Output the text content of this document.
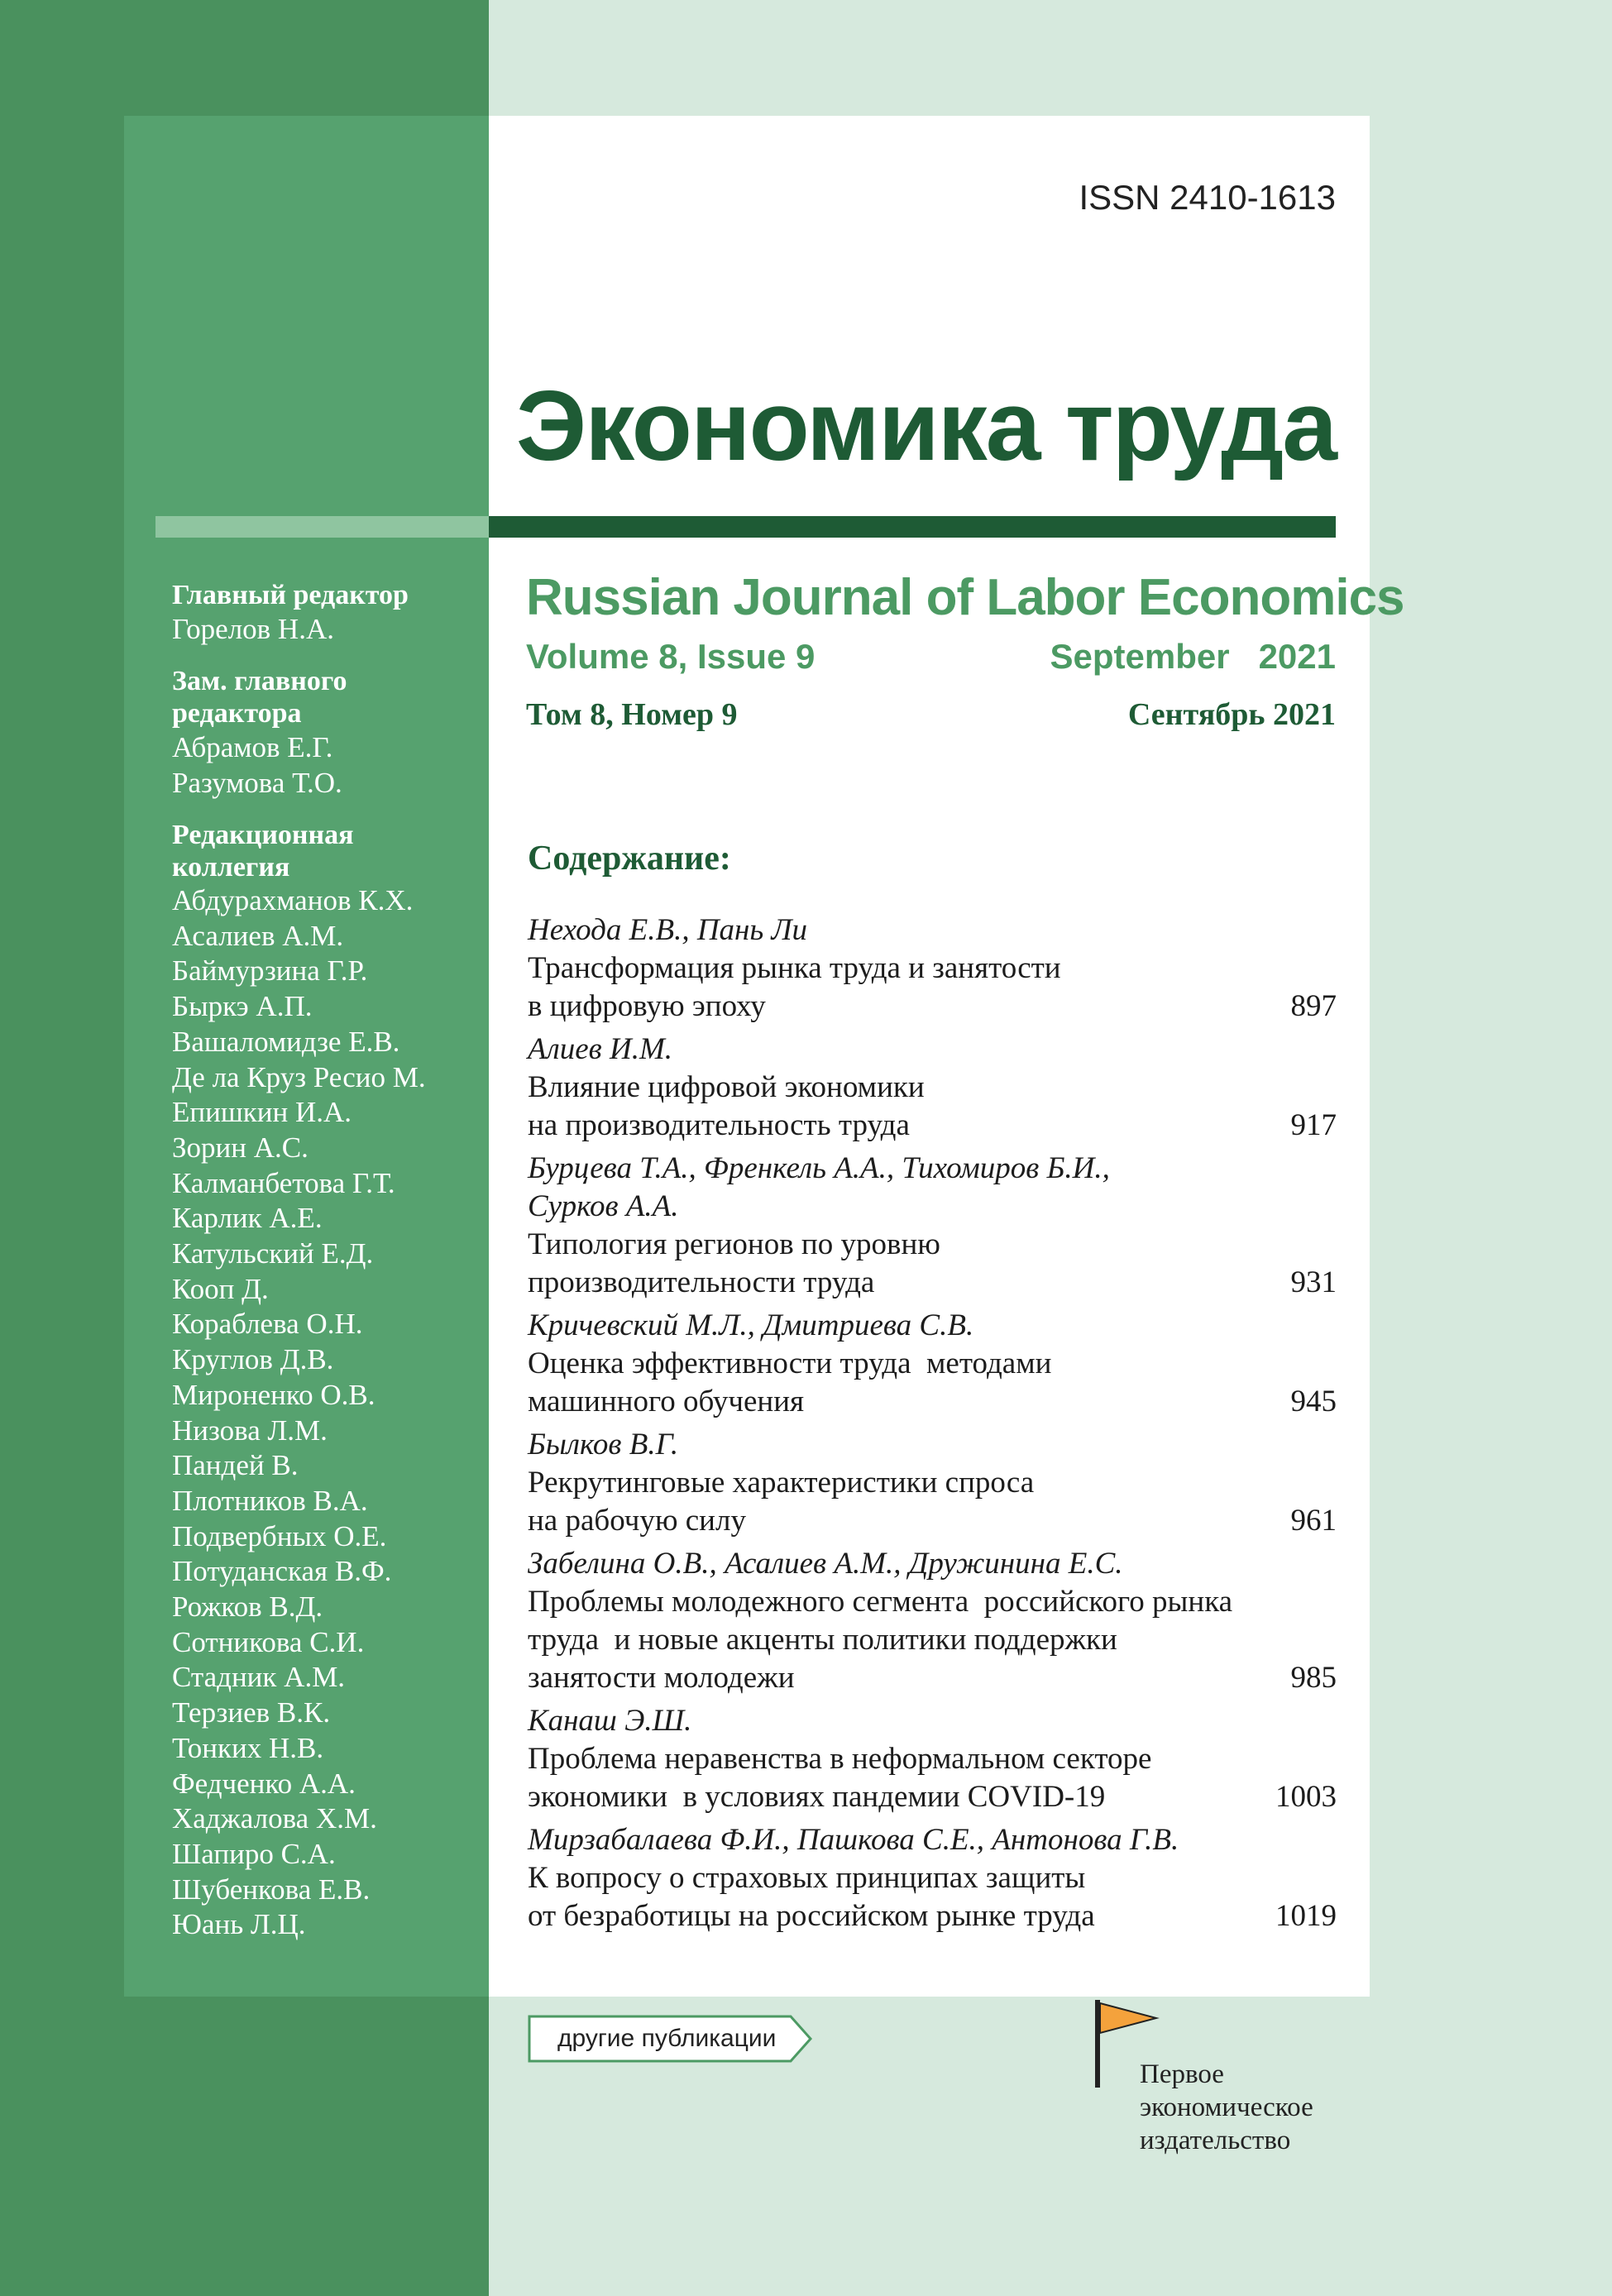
ISSN 2410-1613
Экономика труда
Russian Journal of Labor Economics
Volume 8, Issue 9	September   2021
Том 8, Номер 9	Сентябрь 2021
Главный редактор
Горелов Н.А.
Зам. главного
редактора
Абрамов Е.Г.
Разумова Т.О.
Редакционная
коллегия
Абдурахманов К.Х.
Асалиев А.М.
Баймурзина Г.Р.
Быркэ А.П.
Вашаломидзе Е.В.
Де ла Круз Ресио М.
Епишкин И.А.
Зорин А.С.
Калманбетова Г.Т.
Карлик А.Е.
Катульский Е.Д.
Кооп Д.
Кораблева О.Н.
Круглов Д.В.
Мироненко О.В.
Низова Л.М.
Пандей В.
Плотников В.А.
Подвербных О.Е.
Потуданская В.Ф.
Рожков В.Д.
Сотникова С.И.
Стадник А.М.
Терзиев В.К.
Тонких Н.В.
Федченко А.А.
Хаджалова Х.М.
Шапиро С.А.
Шубенкова Е.В.
Юань Л.Ц.
Содержание:
Нехода Е.В., Пань Ли
Трансформация рынка труда и занятости
в цифровую эпоху	897
Алиев И.М.
Влияние цифровой экономики
на производительность труда	917
Бурцева Т.А., Френкель А.А., Тихомиров Б.И.,
Сурков А.А.
Типология регионов по уровню
производительности труда	931
Кричевский М.Л., Дмитриева С.В.
Оценка эффективности труда  методами
машинного обучения	945
Былков В.Г.
Рекрутинговые характеристики спроса
на рабочую силу	961
Забелина О.В., Асалиев А.М., Дружинина Е.С.
Проблемы молодежного сегмента  российского рынка
труда  и новые акценты политики поддержки
занятости молодежи	985
Канаш Э.Ш.
Проблема неравенства в неформальном секторе
экономики  в условиях пандемии COVID-19	1003
Мирзабалаева Ф.И., Пашкова С.Е., Антонова Г.В.
К вопросу о страховых принципах защиты
от безработицы на российском рынке труда	1019
другие публикации
Первое
экономическое
издательство
